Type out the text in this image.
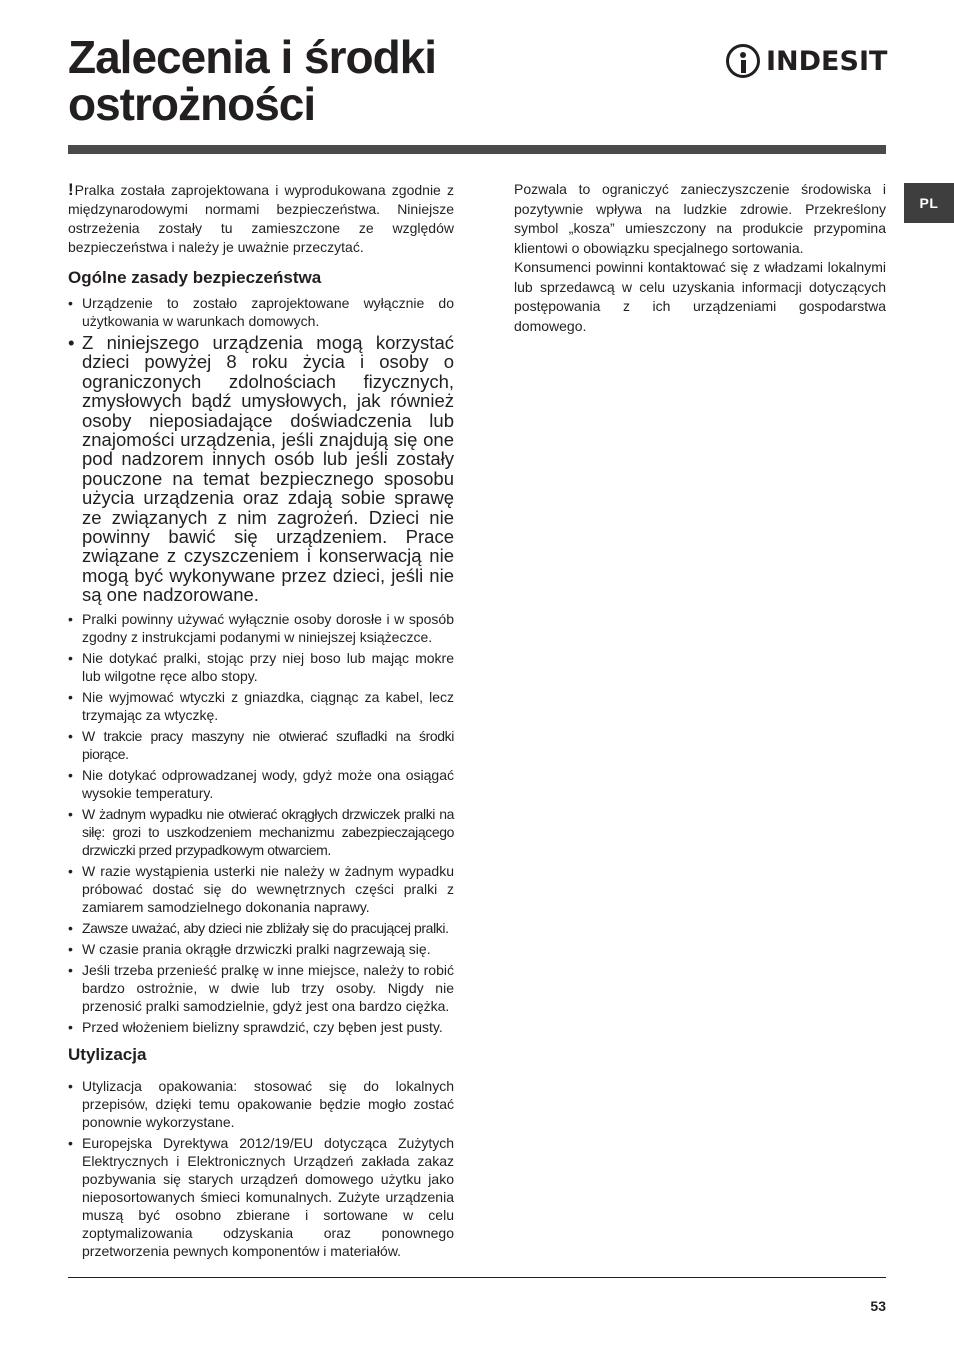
Zalecenia i środki
ostrożności
INDESIT
PL

!Pralka została zaprojektowana i wyprodukowana zgodnie z międzynarodowymi normami bezpieczeństwa. Niniejsze ostrzeżenia zostały tu zamieszczone ze względów bezpieczeństwa i należy je uważnie przeczytać.

Ogólne zasady bezpieczeństwa
• Urządzenie to zostało zaprojektowane wyłącznie do użytkowania w warunkach domowych.
• Z niniejszego urządzenia mogą korzystać dzieci powyżej 8 roku życia i osoby o ograniczonych zdolnościach fizycznych, zmysłowych bądź umysłowych, jak również osoby nieposiadające doświadczenia lub znajomości urządzenia, jeśli znajdują się one pod nadzorem innych osób lub jeśli zostały pouczone na temat bezpiecznego sposobu użycia urządzenia oraz zdają sobie sprawę ze związanych z nim zagrożeń. Dzieci nie powinny bawić się urządzeniem. Prace związane z czyszczeniem i konserwacją nie mogą być wykonywane przez dzieci, jeśli nie są one nadzorowane.
• Pralki powinny używać wyłącznie osoby dorosłe i w sposób zgodny z instrukcjami podanymi w niniejszej książeczce.
• Nie dotykać pralki, stojąc przy niej boso lub mając mokre lub wilgotne ręce albo stopy.
• Nie wyjmować wtyczki z gniazdka, ciągnąc za kabel, lecz trzymając za wtyczkę.
• W trakcie pracy maszyny nie otwierać szufladki na środki piorące.
• Nie dotykać odprowadzanej wody, gdyż może ona osiągać wysokie temperatury.
• W żadnym wypadku nie otwierać okrągłych drzwiczek pralki na siłę: grozi to uszkodzeniem mechanizmu zabezpieczającego drzwiczki przed przypadkowym otwarciem.
• W razie wystąpienia usterki nie należy w żadnym wypadku próbować dostać się do wewnętrznych części pralki z zamiarem samodzielnego dokonania naprawy.
• Zawsze uważać, aby dzieci nie zbliżały się do pracującej pralki.
• W czasie prania okrągłe drzwiczki pralki nagrzewają się.
• Jeśli trzeba przenieść pralkę w inne miejsce, należy to robić bardzo ostrożnie, w dwie lub trzy osoby. Nigdy nie przenosić pralki samodzielnie, gdyż jest ona bardzo ciężka.
• Przed włożeniem bielizny sprawdzić, czy bęben jest pusty.
Utylizacja
• Utylizacja opakowania: stosować się do lokalnych przepisów, dzięki temu opakowanie będzie mogło zostać ponownie wykorzystane.
• Europejska Dyrektywa 2012/19/EU dotycząca Zużytych Elektrycznych i Elektronicznych Urządzeń zakłada zakaz pozbywania się starych urządzeń domowego użytku jako nieposortowanych śmieci komunalnych. Zużyte urządzenia muszą być osobno zbierane i sortowane w celu zoptymalizowania odzyskania oraz ponownego przetworzenia pewnych komponentów i materiałów.

Pozwala to ograniczyć zanieczyszczenie środowiska i pozytywnie wpływa na ludzkie zdrowie. Przekreślony symbol „kosza” umieszczony na produkcie przypomina klientowi o obowiązku specjalnego sortowania.

Konsumenci powinni kontaktować się z władzami lokalnymi lub sprzedawcą w celu uzyskania informacji dotyczących postępowania z ich urządzeniami gospodarstwa domowego.

53
